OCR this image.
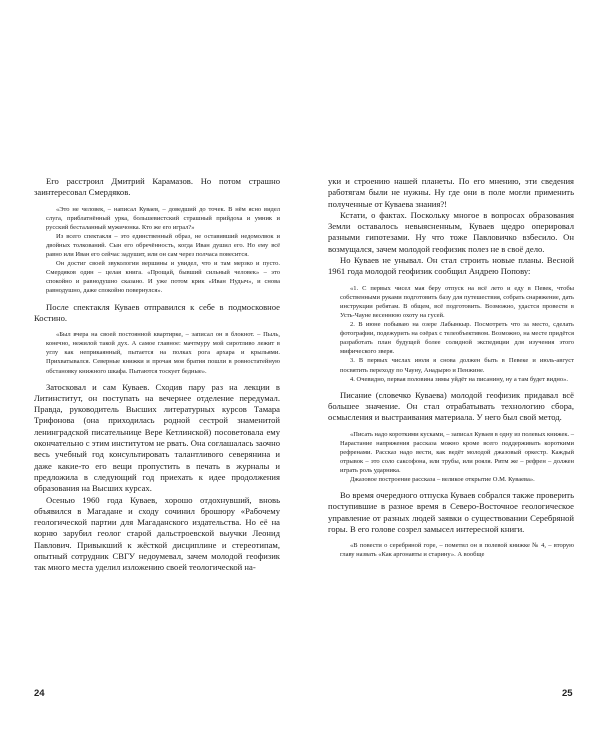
Его расстроил Дмитрий Карамазов. Но потом страшно заинтересовал Смердяков.

«Это не человек, – написал Куваев, – доведший до точек. В нём ясно видел слуга, приблатнённый урка, большевистский страшный прийдоха и умник и русский бесталанный мужичонка. Кто же его играл?»

Из всего спектакля – это единственный образ, не оставивший недомолвок и двойных толкований. Сын его обречённость, когда Иван душил его. Но ему всё равно или Иван его сейчас задушит, или он сам через полчаса повесится.

Он достиг своей звукологии вершины и увидел, что и там мерзко и пусто. Смердяков один – целая книга. «Прощай, бывший сильный человек» – это спокойно и равнодушно сказано. И уже потом крик «Иван Нудыч», и снова равнодушно, даже спокойно повернулся».

После спектакля Куваев отправился к себе в подмосковное Костино.

«Был вчера на своей постоянной квартирке, – записал он в блокнот. – Пыль, конечно, нежилой такой дух. А самое главное: мачтмуру мой сиротливо лежит в углу как неприкаянный, пытается на полках рога архара и крыльями. Прихватывался. Северные книжки и прочая моя братия пошли в ровностатейную обстановку книжного шкафа. Пытаются тоскует бедные».

Затосковал и сам Куваев. Сходив пару раз на лекции в Литинститут, он поступать на вечернее отделение передумал. Правда, руководитель Высших литературных курсов Тамара Трифонова (она приходилась родной сестрой знаменитой ленинградской писательнице Вере Кетлинской) посоветовала ему окончательно с этим институтом не рвать. Она соглашалась заочно весь учебный год консультировать талантливого северянина и даже какие-то его вещи пропустить в печать в журналы и предложила в следующий год приехать к идее продолжения образования на Высших курсах.

Осенью 1960 года Куваев, хорошо отдохнувший, вновь объявился в Магадане и сходу сочинил брошюру «Рабочему геологической партии для Магаданского издательства. Но её на корню зарубил геолог старой дальстроевской выучки Леонид Павлович. Привыкший к жёсткой дисциплине и стереотипам, опытный сотрудник СВГУ недоумевал, зачем молодой геофизик так много места уделил изложению своей теологической на-

24

уки и строению нашей планеты. По его мнению, эти сведения работягам были не нужны. Ну где они в поле могли применить полученные от Куваева знания?!

Кстати, о фактах. Поскольку многое в вопросах образования Земли оставалось невыясненным, Куваев щедро оперировал разными гипотезами. Ну что тоже Павловичко взбесило. Он возмущался, зачем молодой геофизик полез не в своё дело.

Но Куваев не унывал. Он стал строить новые планы. Весной 1961 года молодой геофизик сообщил Андрею Попову:

«1. С первых чисел мая беру отпуск на всё лето и еду в Певек, чтобы собственными руками подготовить базу для путешествия, собрать снаряжение, дать инструкции ребятам. В общем, всё подготовить. Возможно, удастся провести в Усть-Чауне весеннюю охоту на гусей.

2. В июне побываю на озере Лабынкыр. Посмотреть что за место, сделать фотографии, подежурить на озёрах с телеобъективом. Возможно, на месте придётся разработать план будущей более солидной экспедиции для изучения этого мифического зверя.

3. В первых числах июля я снова должен быть в Певеке и июль-август посвятить переходу по Чауну, Анадырю и Пенжине.

4. Очевидно, первая половина зимы уйдёт на писанину, ну а там будет видно».

Писание (словечко Куваева) молодой геофизик придавал всё большее значение. Он стал отрабатывать технологию сбора, осмысления и выстраивания материала. У него был свой метод.

«Писать надо короткими кусками, – записал Куваев в одну из полевых книжек. – Нарастание напряжения рассказа можно кроме всего поддерживать короткими рефренами. Рассказ надо вести, как ведёт молодой джазовый оркестр. Каждый отрывок – это соло саксофона, или трубы, или рояля. Ритм же – рефрен – должен играть роль ударника.

Джазовое построение рассказа – великое открытие О.М. Куваева».

Во время очередного отпуска Куваев собрался также проверить поступившие в разное время в Северо-Восточное геологическое управление от разных людей заявки о существовании Серебряной горы. В его голове созрел замысел интересной книги.

«В повести о серебряной горе, – пометил он в полевой книжке № 4, – вторую главу назвать «Как аргонавты и старину». А вообще

25
